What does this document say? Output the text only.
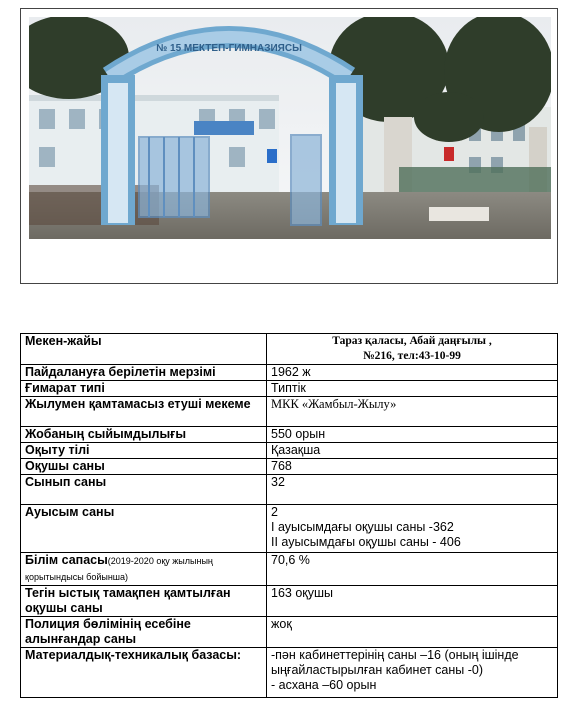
№ 15 МЕКТЕП-ГИМНАЗИЯСЫ
Мекен-жайы	Тараз қаласы, Абай даңғылы ,
№216, тел:43-10-99

Пайдалануға берілетін мерзімі	1962 ж

Ғимарат типі	Типтік

Жылумен қамтамасыз етуші мекеме	МКК «Жамбыл-Жылу»

Жобаның сыйымдылығы	550 орын

Оқыту тілі	Қазақша

Оқушы саны	768

Сынып саны	32

Ауысым саны	2
І ауысымдағы оқушы саны -362
ІІ ауысымдағы оқушы саны - 406

Білім сапасы(2019-2020 оқу жылының қорытындысы бойынша)	70,6 %

Тегін ыстық тамақпен қамтылған оқушы саны	163 оқушы

Полиция бөлімінің есебіне алынғандар саны	жоқ

Материалдық-техникалық базасы:	-пән кабинеттерінің саны –16 (оның ішінде ыңғайластырылған кабинет саны -0)
- асхана –60 орын
